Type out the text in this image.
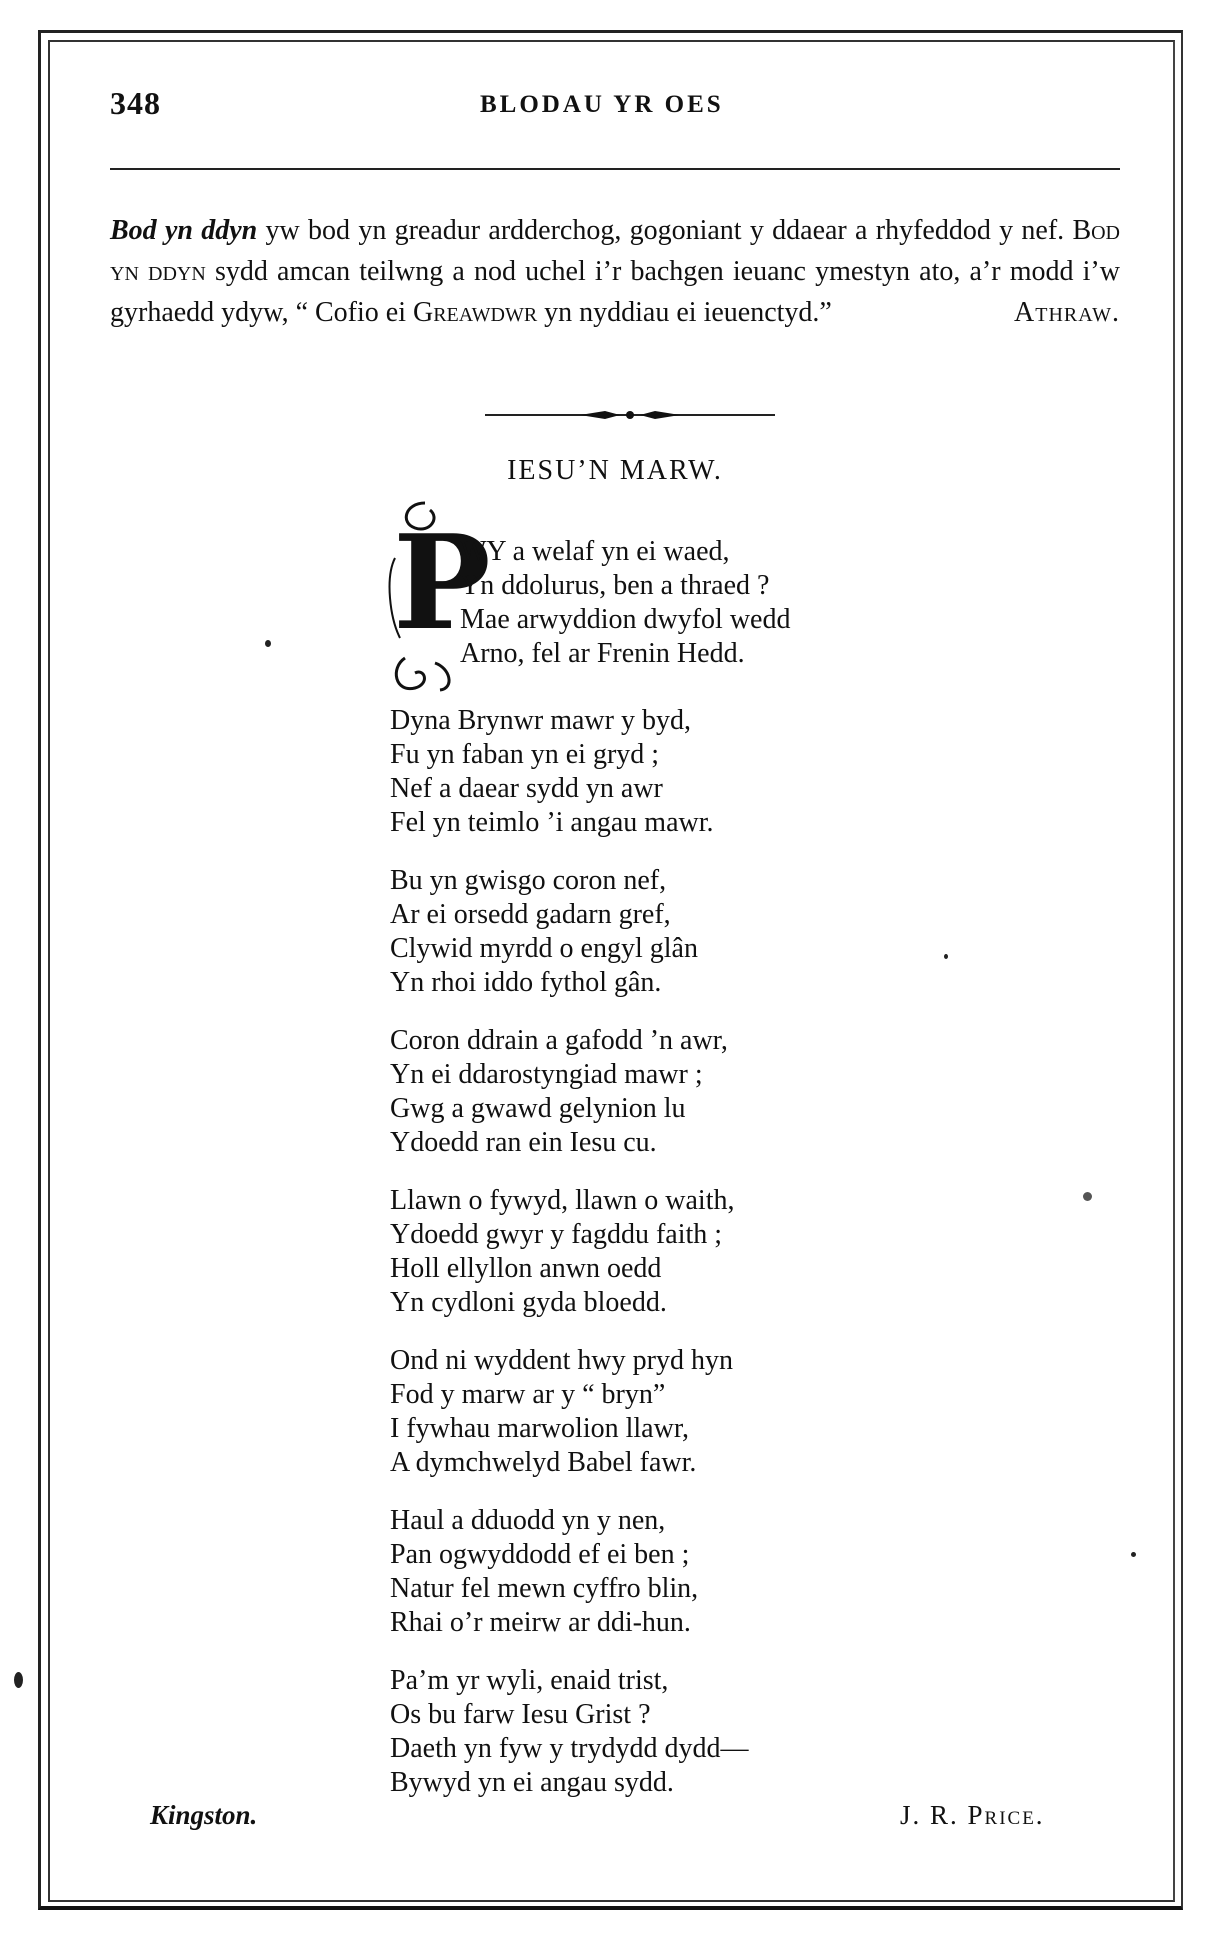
348	BLODAU YR OES
Bod yn ddyn yw bod yn greadur ardderchog, gogoniant y ddaear a rhyfeddod y nef. Bod yn ddyn sydd amcan teilwng a nod uchel i’r bachgen ieuanc ymestyn ato, a’r modd i’w gyrhaedd ydyw, “ Cofio ei Greawdwr yn nyddiau ei ieuenctyd.”	Athraw.
IESU’N MARW.
P
WY a welaf yn ei waed,
Yn ddolurus, ben a thraed ?
Mae arwyddion dwyfol wedd
Arno, fel ar Frenin Hedd.
Dyna Brynwr mawr y byd,
Fu yn faban yn ei gryd ;
Nef a daear sydd yn awr
Fel yn teimlo ’i angau mawr.
Bu yn gwisgo coron nef,
Ar ei orsedd gadarn gref,
Clywid myrdd o engyl glân
Yn rhoi iddo fythol gân.
Coron ddrain a gafodd ’n awr,
Yn ei ddarostyngiad mawr ;
Gwg a gwawd gelynion lu
Ydoedd ran ein Iesu cu.
Llawn o fywyd, llawn o waith,
Ydoedd gwyr y fagddu faith ;
Holl ellyllon anwn oedd
Yn cydloni gyda bloedd.
Ond ni wyddent hwy pryd hyn
Fod y marw ar y “ bryn”
I fywhau marwolion llawr,
A dymchwelyd Babel fawr.
Haul a dduodd yn y nen,
Pan ogwyddodd ef ei ben ;
Natur fel mewn cyffro blin,
Rhai o’r meirw ar ddi-hun.
Pa’m yr wyli, enaid trist,
Os bu farw Iesu Grist ?
Daeth yn fyw y trydydd dydd—
Bywyd yn ei angau sydd.
Kingston.	J. R. Price.
